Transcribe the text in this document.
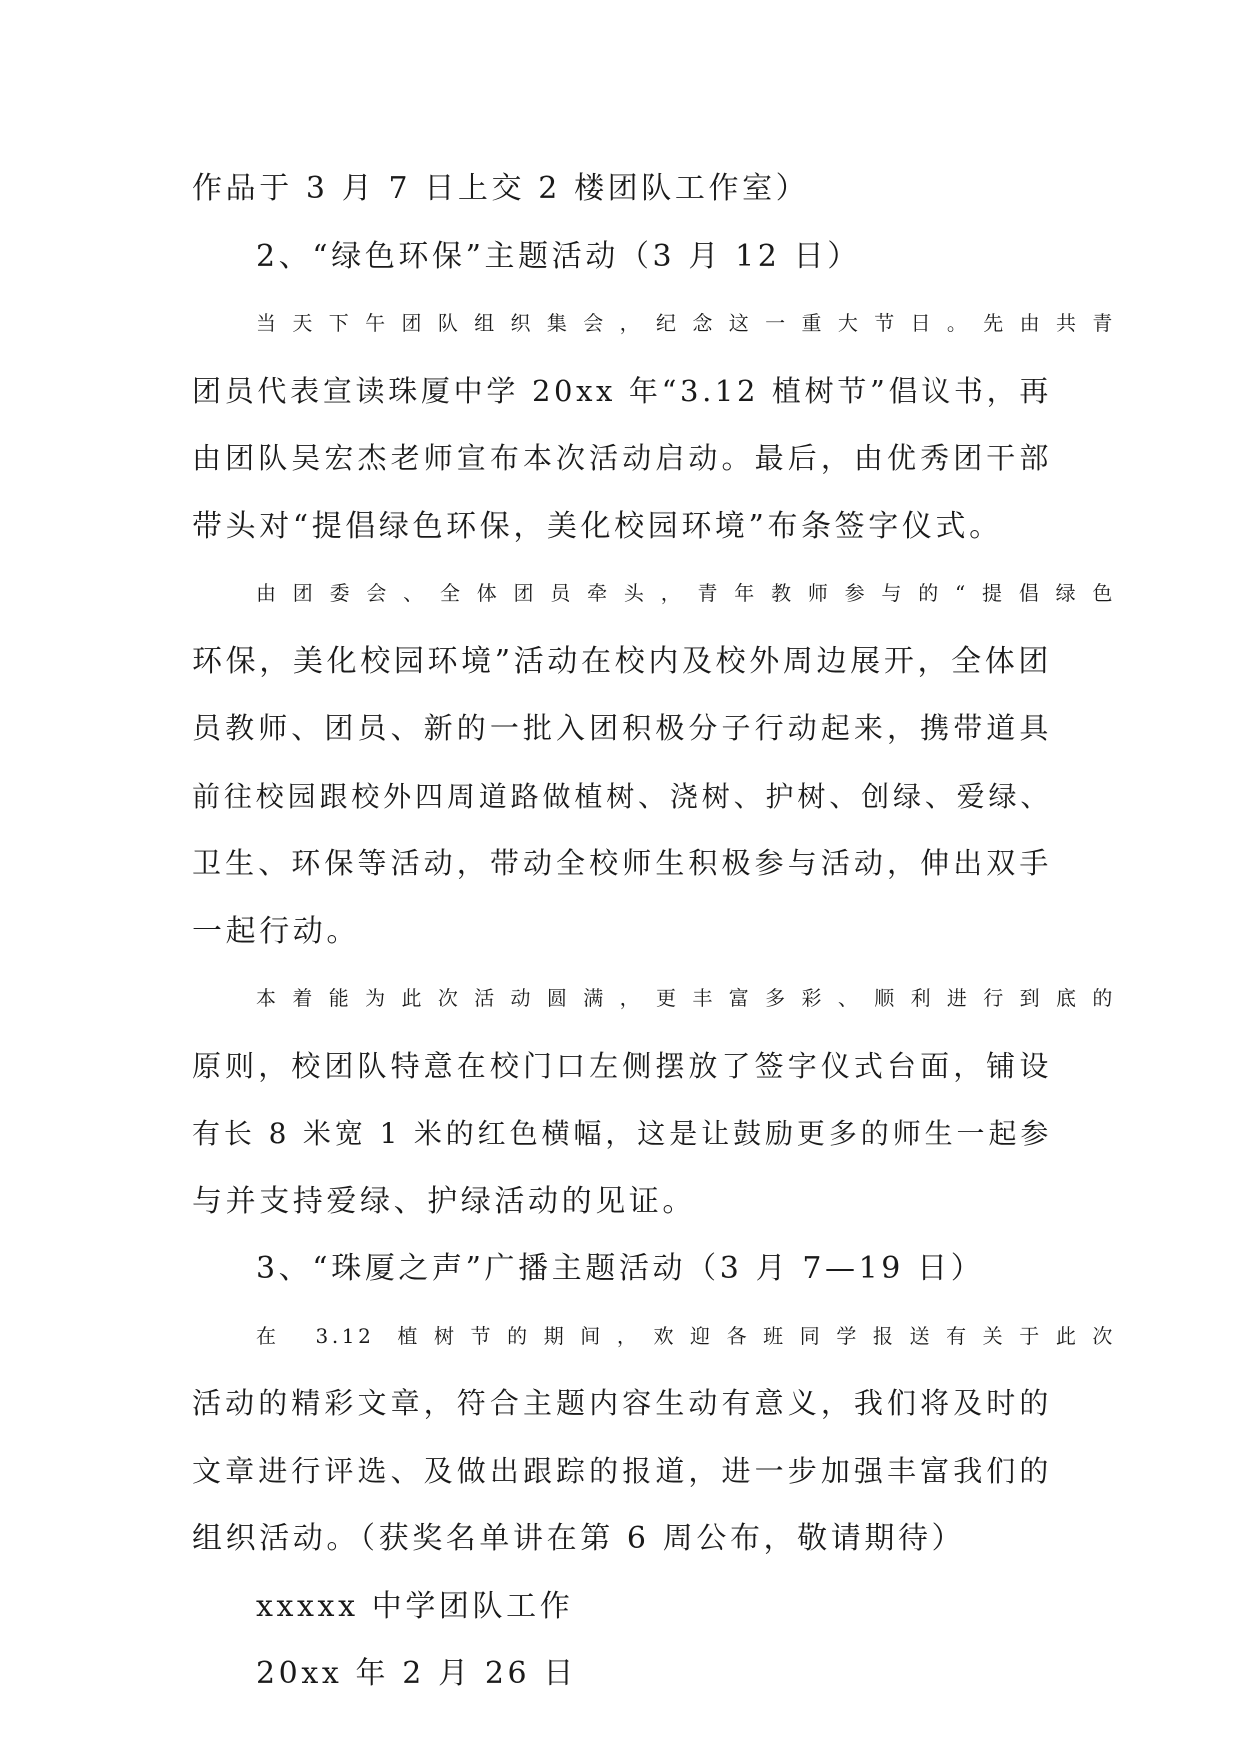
作品于 3 月 7 日上交 2 楼团队工作室）

2、“绿色环保”主题活动（3 月 12 日）

当天下午团队组织集会，纪念这一重大节日。先由共青

团员代表宣读珠厦中学 20xx 年“3.12 植树节”倡议书，再

由团队吴宏杰老师宣布本次活动启动。最后，由优秀团干部

带头对“提倡绿色环保，美化校园环境”布条签字仪式。

由团委会、全体团员牵头，青年教师参与的“提倡绿色

环保，美化校园环境”活动在校内及校外周边展开，全体团

员教师、团员、新的一批入团积极分子行动起来，携带道具

前往校园跟校外四周道路做植树、浇树、护树、创绿、爱绿、

卫生、环保等活动，带动全校师生积极参与活动，伸出双手

一起行动。

本着能为此次活动圆满，更丰富多彩、顺利进行到底的

原则，校团队特意在校门口左侧摆放了签字仪式台面，铺设

有长 8 米宽 1 米的红色横幅，这是让鼓励更多的师生一起参

与并支持爱绿、护绿活动的见证。

3、“珠厦之声”广播主题活动（3 月 7—19 日）

在 3.12 植树节的期间，欢迎各班同学报送有关于此次

活动的精彩文章，符合主题内容生动有意义，我们将及时的

文章进行评选、及做出跟踪的报道，进一步加强丰富我们的

组织活动。（获奖名单讲在第 6 周公布，敬请期待）

xxxxx 中学团队工作

20xx 年 2 月 26 日
